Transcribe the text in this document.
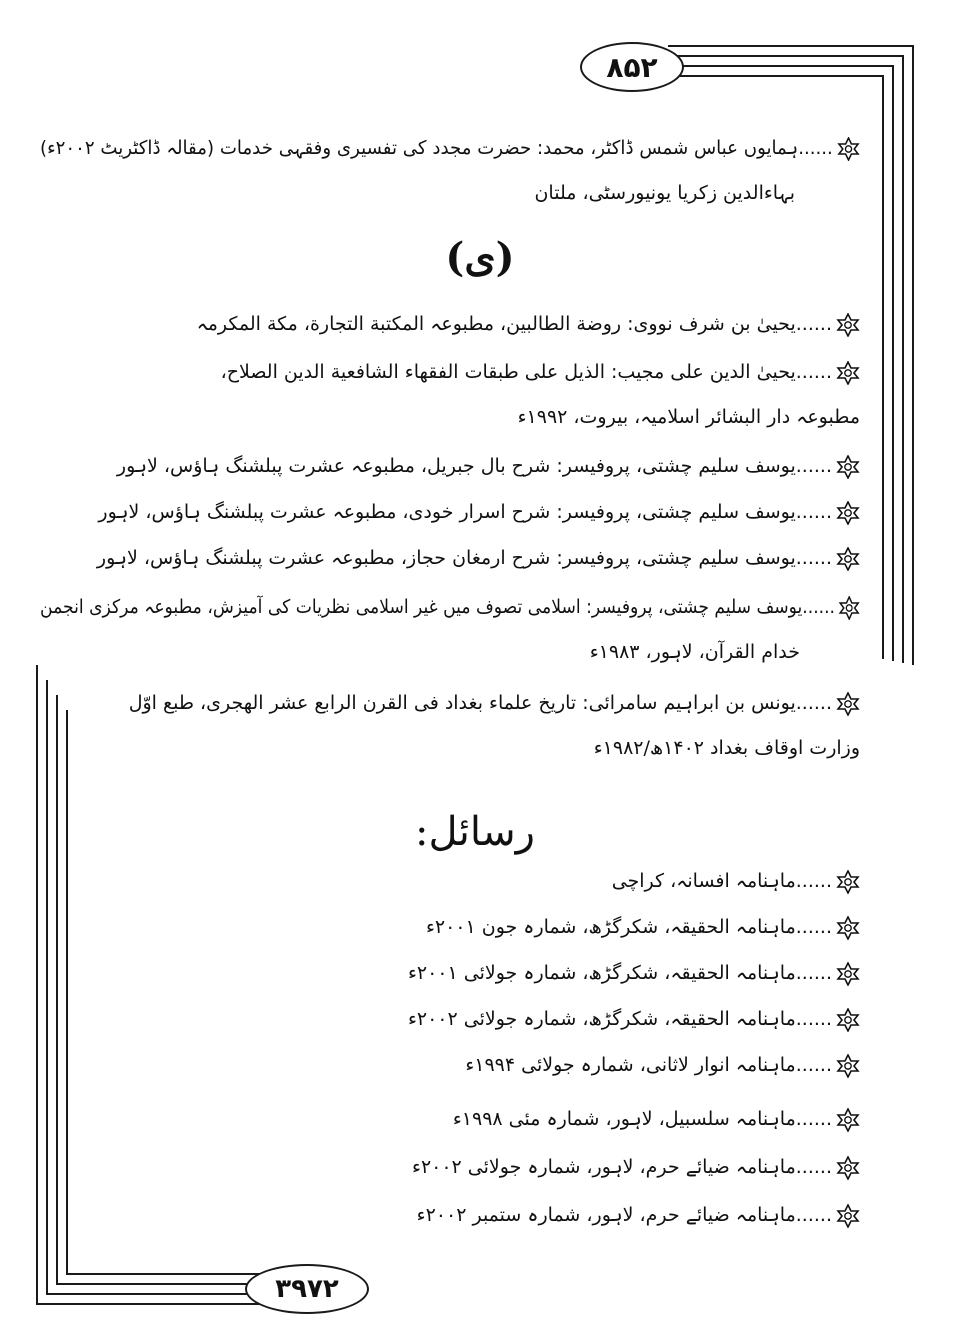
۸۵۲
۳۹۷۲
......ہمایوں عباس شمس ڈاکٹر، محمد: حضرت مجدد کی تفسیری وفقہی خدمات (مقالہ ڈاکٹریٹ ۲۰۰۲ء)
بہاءالدین زکریا یونیورسٹی، ملتان
(ی)
......یحییٰ بن شرف نووی: روضة الطالبین، مطبوعہ المکتبة التجارة، مکة المکرمہ
......یحییٰ الدین علی مجیب: الذیل علی طبقات الفقهاء الشافعیة الدین الصلاح،
مطبوعہ دار البشائر اسلامیہ، بیروت، ۱۹۹۲ء
......یوسف سلیم چشتی، پروفیسر: شرح بال جبریل، مطبوعہ عشرت پبلشنگ ہاؤس، لاہور
......یوسف سلیم چشتی، پروفیسر: شرح اسرار خودی، مطبوعہ عشرت پبلشنگ ہاؤس، لاہور
......یوسف سلیم چشتی، پروفیسر: شرح ارمغان حجاز، مطبوعہ عشرت پبلشنگ ہاؤس، لاہور
......یوسف سلیم چشتی، پروفیسر: اسلامی تصوف میں غیر اسلامی نظریات کی آمیزش، مطبوعہ مرکزی انجمن
خدام القرآن، لاہور، ۱۹۸۳ء
......یونس بن ابراہیم سامرائی: تاریخ علماء بغداد فی القرن الرابع عشر الهجری، طبع اوّل
وزارت اوقاف بغداد ۱۴۰۲ھ/۱۹۸۲ء
رسائل:
......ماہنامہ افسانہ، کراچی
......ماہنامہ الحقیقہ، شکرگڑھ، شمارہ جون ۲۰۰۱ء
......ماہنامہ الحقیقہ، شکرگڑھ، شمارہ جولائی ۲۰۰۱ء
......ماہنامہ الحقیقہ، شکرگڑھ، شمارہ جولائی ۲۰۰۲ء
......ماہنامہ انوار لاثانی، شمارہ جولائی ۱۹۹۴ء
......ماہنامہ سلسبیل، لاہور، شمارہ مئی ۱۹۹۸ء
......ماہنامہ ضیائے حرم، لاہور، شمارہ جولائی ۲۰۰۲ء
......ماہنامہ ضیائے حرم، لاہور، شمارہ ستمبر ۲۰۰۲ء
